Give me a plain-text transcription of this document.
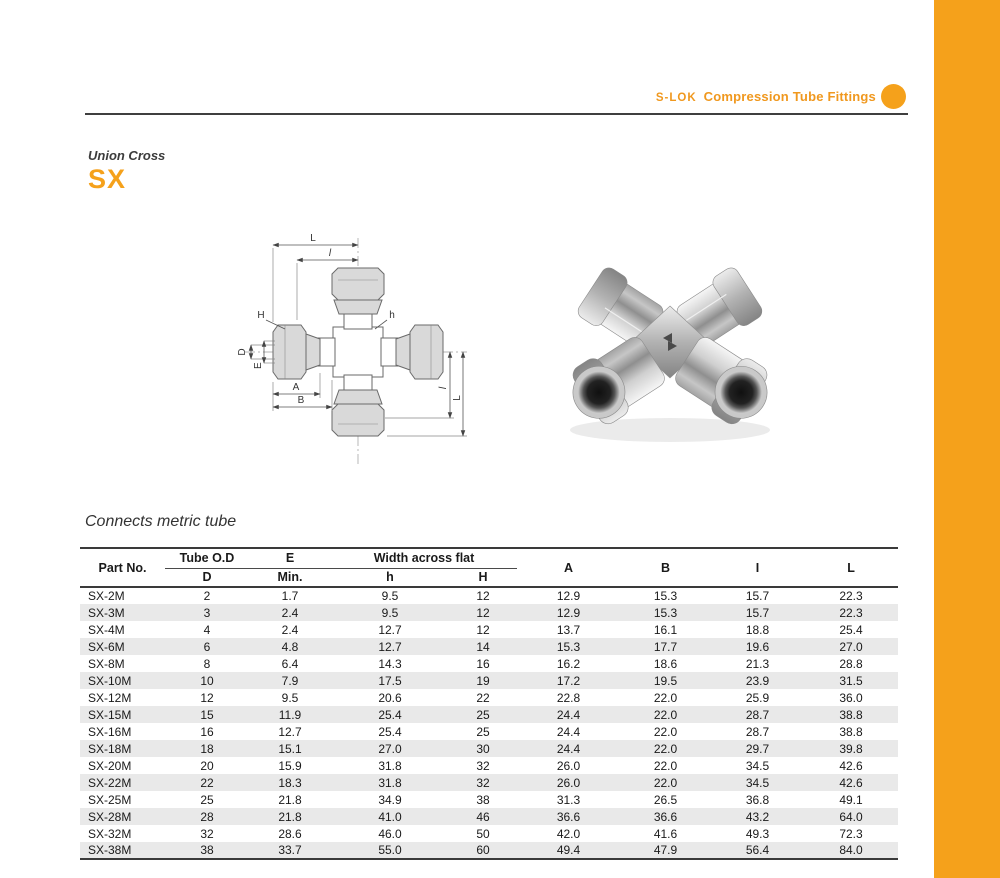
S-LOK Compression Tube Fittings
Union Cross
SX
L
l
H	h
D
E
A
B
l
L
Connects metric tube
Part No.	Tube O.D	E	Width across flat		A	B	I	L
	D	Min.	h	H				
SX-2M	2	1.7	9.5	12	12.9	15.3	15.7	22.3
SX-3M	3	2.4	9.5	12	12.9	15.3	15.7	22.3
SX-4M	4	2.4	12.7	12	13.7	16.1	18.8	25.4
SX-6M	6	4.8	12.7	14	15.3	17.7	19.6	27.0
SX-8M	8	6.4	14.3	16	16.2	18.6	21.3	28.8
SX-10M	10	7.9	17.5	19	17.2	19.5	23.9	31.5
SX-12M	12	9.5	20.6	22	22.8	22.0	25.9	36.0
SX-15M	15	11.9	25.4	25	24.4	22.0	28.7	38.8
SX-16M	16	12.7	25.4	25	24.4	22.0	28.7	38.8
SX-18M	18	15.1	27.0	30	24.4	22.0	29.7	39.8
SX-20M	20	15.9	31.8	32	26.0	22.0	34.5	42.6
SX-22M	22	18.3	31.8	32	26.0	22.0	34.5	42.6
SX-25M	25	21.8	34.9	38	31.3	26.5	36.8	49.1
SX-28M	28	21.8	41.0	46	36.6	36.6	43.2	64.0
SX-32M	32	28.6	46.0	50	42.0	41.6	49.3	72.3
SX-38M	38	33.7	55.0	60	49.4	47.9	56.4	84.0
